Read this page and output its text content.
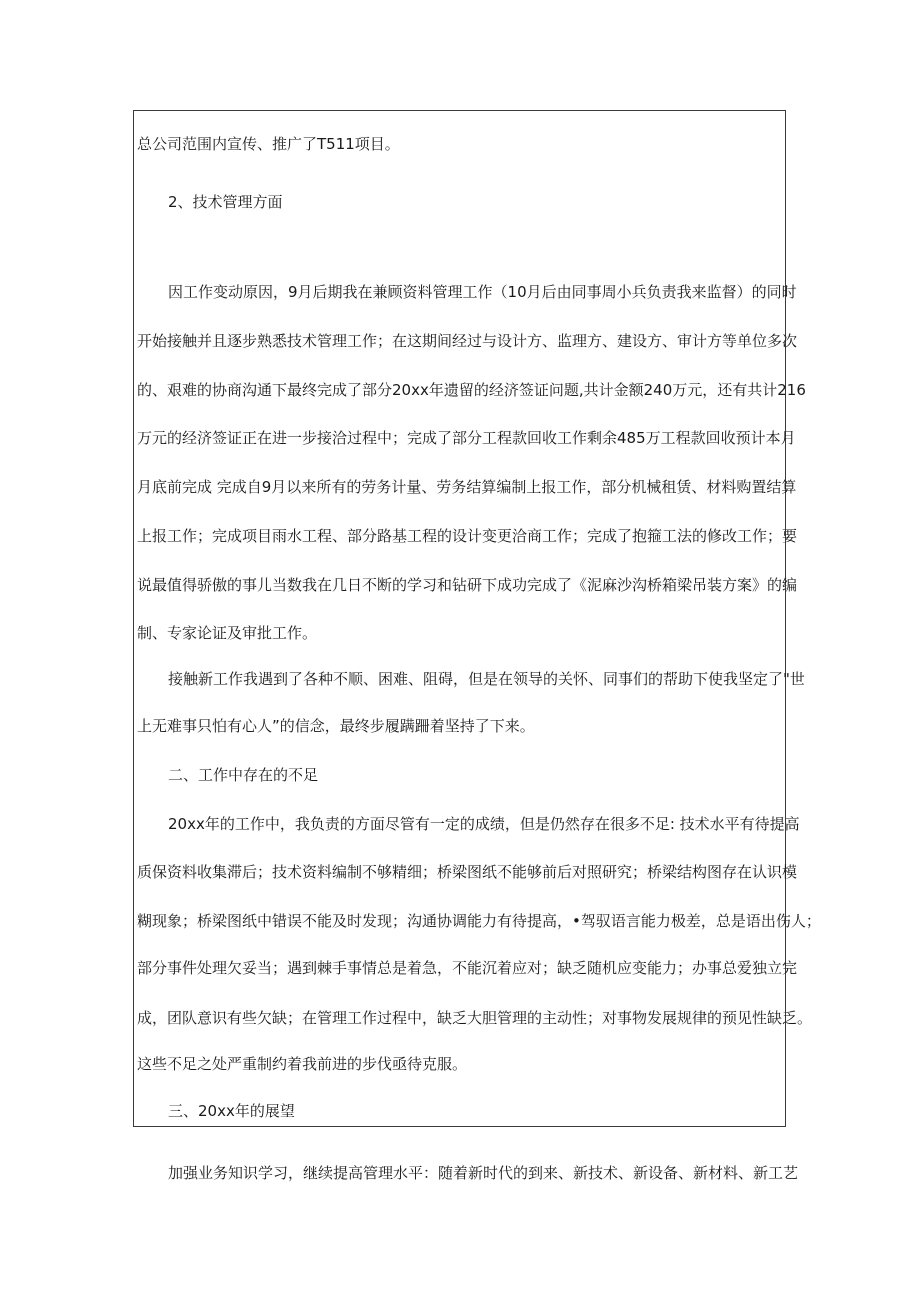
总公司范围内宣传、推广了T511项目。
2、技术管理方面
因工作变动原因，9月后期我在兼顾资料管理工作（10月后由同事周小兵负责我来监督）的同时
开始接触并且逐步熟悉技术管理工作；在这期间经过与设计方、监理方、建设方、审计方等单位多次
的、艰难的协商沟通下最终完成了部分20xx年遗留的经济签证问题,共计金额240万元，还有共计216
万元的经济签证正在进一步接洽过程中；完成了部分工程款回收工作剩余485万工程款回收预计本月
月底前完成 完成自9月以来所有的劳务计量、劳务结算编制上报工作，部分机械租赁、材料购置结算
上报工作；完成项目雨水工程、部分路基工程的设计变更洽商工作；完成了抱箍工法的修改工作；要
说最值得骄傲的事儿当数我在几日不断的学习和钻研下成功完成了《泥麻沙沟桥箱梁吊装方案》的编
制、专家论证及审批工作。
接触新工作我遇到了各种不顺、困难、阻碍，但是在领导的关怀、同事们的帮助下使我坚定了"世
上无难事只怕有心人”的信念，最终步履蹒跚着坚持了下来。
二、工作中存在的不足
20xx年的工作中，我负责的方面尽管有一定的成绩，但是仍然存在很多不足: 技术水平有待提高
质保资料收集滞后；技术资料编制不够精细；桥梁图纸不能够前后对照研究；桥梁结构图存在认识模
糊现象；桥梁图纸中错误不能及时发现；沟通协调能力有待提高，•驾驭语言能力极差，总是语出伤人；
部分事件处理欠妥当；遇到棘手事情总是着急，不能沉着应对；缺乏随机应变能力；办事总爱独立完
成，团队意识有些欠缺；在管理工作过程中，缺乏大胆管理的主动性；对事物发展规律的预见性缺乏。
这些不足之处严重制约着我前进的步伐亟待克服。
三、20xx年的展望
加强业务知识学习，继续提高管理水平：随着新时代的到来、新技术、新设备、新材料、新工艺
